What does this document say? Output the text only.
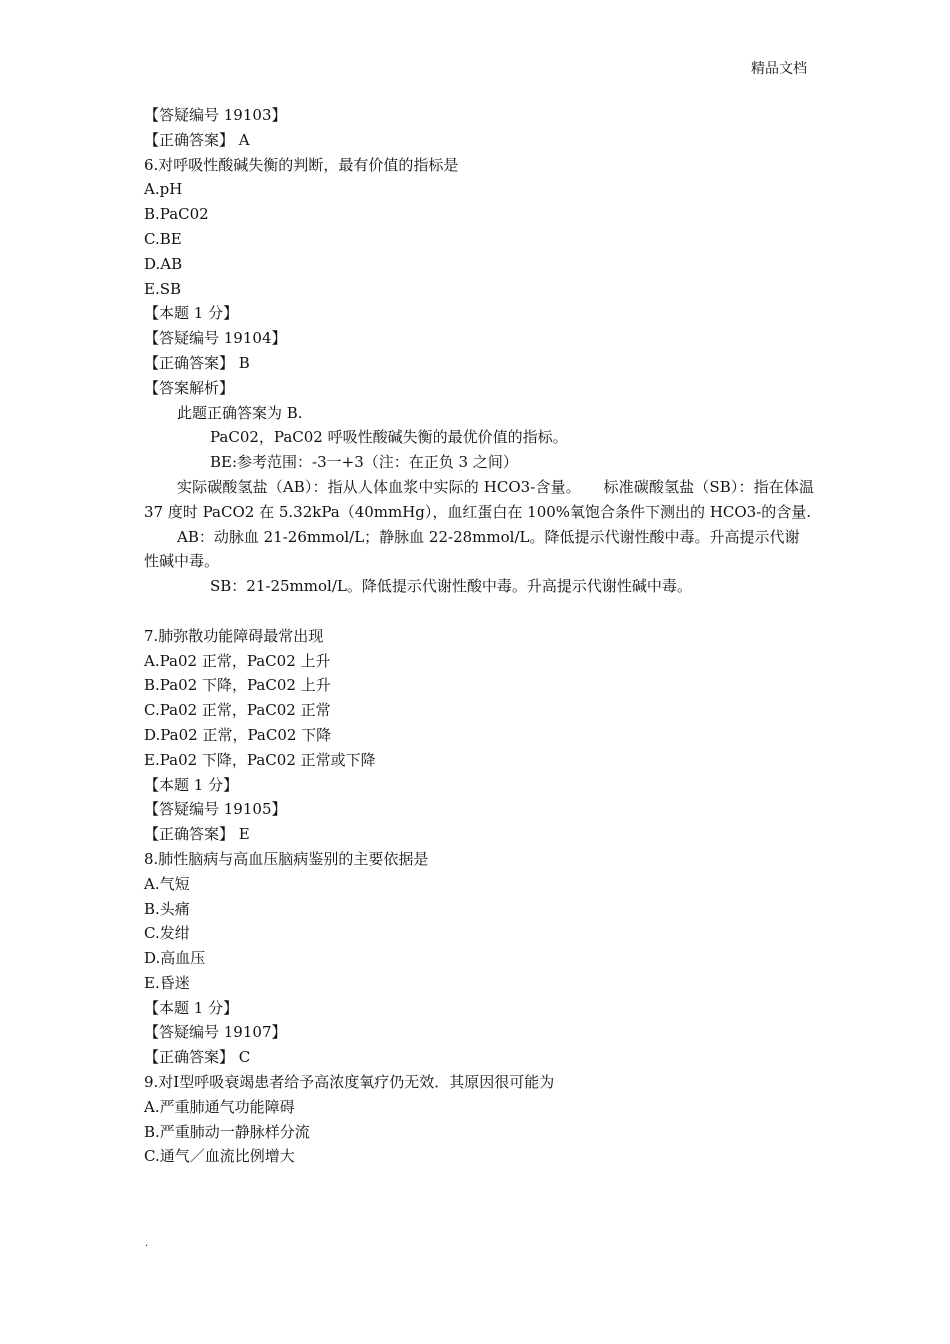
精品文档
【答疑编号 19103】
【正确答案】 A
6.对呼吸性酸碱失衡的判断，最有价值的指标是
A.pH
B.PaC02
C.BE
D.AB
E.SB
【本题 1 分】
【答疑编号 19104】
【正确答案】 B
【答案解析】
此题正确答案为 B.
PaC02，PaC02 呼吸性酸碱失衡的最优价值的指标。
BE:参考范围：-3一+3（注：在正负 3 之间）
实际碳酸氢盐（AB）：指从人体血浆中实际的 HCO3-含量。　　标准碳酸氢盐（SB）：指在体温 37 度时 PaCO2 在 5.32kPa（40mmHg），血红蛋白在 100%氧饱合条件下测出的 HCO3-的含量.
AB：动脉血 21-26mmol/L；静脉血 22-28mmol/L。降低提示代谢性酸中毒。升高提示代谢性碱中毒。
SB：21-25mmol/L。降低提示代谢性酸中毒。升高提示代谢性碱中毒。
7.肺弥散功能障碍最常出现
A.Pa02 正常，PaC02 上升
B.Pa02 下降，PaC02 上升
C.Pa02 正常，PaC02 正常
D.Pa02 正常，PaC02 下降
E.Pa02 下降，PaC02 正常或下降
【本题 1 分】
【答疑编号 19105】
【正确答案】 E
8.肺性脑病与高血压脑病鉴别的主要依据是
A.气短
B.头痛
C.发绀
D.高血压
E.昏迷
【本题 1 分】
【答疑编号 19107】
【正确答案】 C
9.对Ⅰ型呼吸衰竭患者给予高浓度氧疗仍无效．其原因很可能为
A.严重肺通气功能障碍
B.严重肺动一静脉样分流
C.通气／血流比例增大
.
